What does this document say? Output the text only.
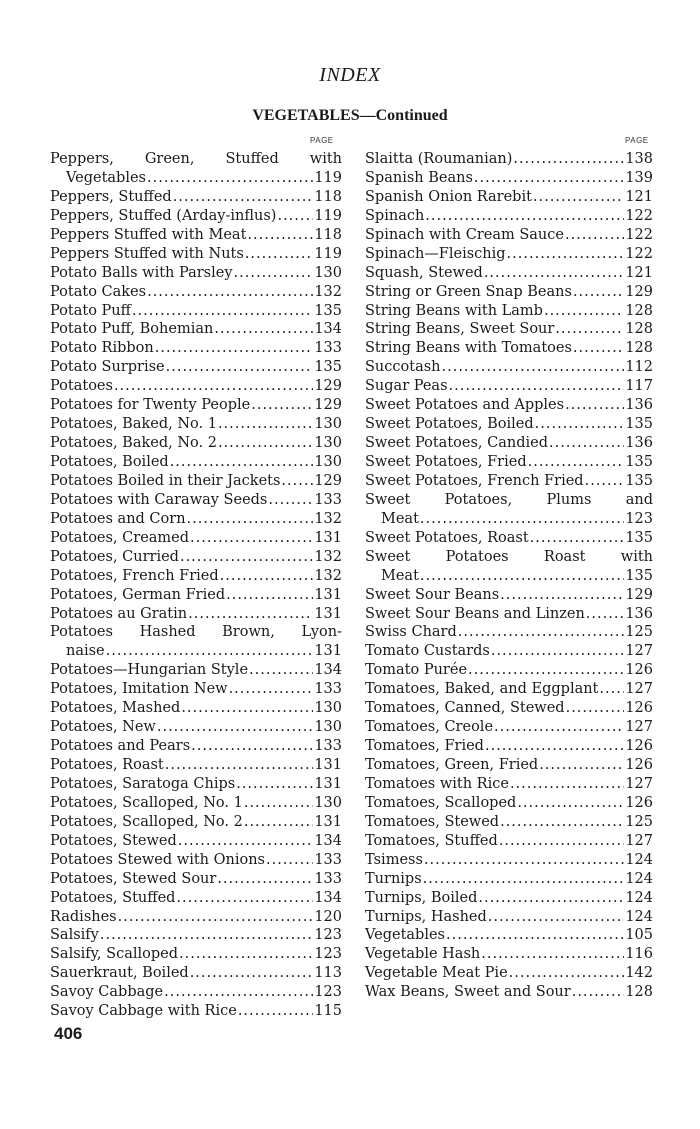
INDEX
VEGETABLES—Continued
PAGE	PAGE
Peppers, Green, Stuffed with
Vegetables .....	119
Peppers, Stuffed .....	118
Peppers, Stuffed (Arday-influs) .....	119
Peppers Stuffed with Meat .....	118
Peppers Stuffed with Nuts .....	119
Potato Balls with Parsley .....	130
Potato Cakes .....	132
Potato Puff .....	135
Potato Puff, Bohemian .....	134
Potato Ribbon .....	133
Potato Surprise .....	135
Potatoes .....	129
Potatoes for Twenty People .....	129
Potatoes, Baked, No. 1 .....	130
Potatoes, Baked, No. 2 .....	130
Potatoes, Boiled .....	130
Potatoes Boiled in their Jackets ..... 129
Potatoes with Caraway Seeds .....	133
Potatoes and Corn .....	132
Potatoes, Creamed .....	131
Potatoes, Curried .....	132
Potatoes, French Fried .....	132
Potatoes, German Fried .....	131
Potatoes au Gratin .....	131
Potatoes Hashed Brown, Lyon-
naise .....	131
Potatoes—Hungarian Style .....	134
Potatoes, Imitation New .....	133
Potatoes, Mashed .....	130
Potatoes, New .....	130
Potatoes and Pears .....	133
Potatoes, Roast .....	131
Potatoes, Saratoga Chips .....	131
Potatoes, Scalloped, No. 1 .....	130
Potatoes, Scalloped, No. 2 .....	131
Potatoes, Stewed .....	134
Potatoes Stewed with Onions .....	133
Potatoes, Stewed Sour .....	133
Potatoes, Stuffed .....	134
Radishes .....	120
Salsify .....	123
Salsify, Scalloped .....	123
Sauerkraut, Boiled .....	113
Savoy Cabbage .....	123
Savoy Cabbage with Rice .....	115
Slaitta (Roumanian) .....	138
Spanish Beans .....	139
Spanish Onion Rarebit .....	121
Spinach .....	122
Spinach with Cream Sauce .....	122
Spinach—Fleischig .....	122
Squash, Stewed .....	121
String or Green Snap Beans .....	129
String Beans with Lamb .....	128
String Beans, Sweet Sour .....	128
String Beans with Tomatoes .....	128
Succotash .....	112
Sugar Peas .....	117
Sweet Potatoes and Apples .....	136
Sweet Potatoes, Boiled .....	135
Sweet Potatoes, Candied .....	136
Sweet Potatoes, Fried .....	135
Sweet Potatoes, French Fried .....	135
Sweet Potatoes, Plums and
Meat .....	123
Sweet Potatoes, Roast .....	135
Sweet Potatoes Roast with
Meat .....	135
Sweet Sour Beans .....	129
Sweet Sour Beans and Linzen .....	136
Swiss Chard .....	125
Tomato Custards .....	127
Tomato Purée .....	126
Tomatoes, Baked, and Eggplant ..... 127
Tomatoes, Canned, Stewed .....	126
Tomatoes, Creole .....	127
Tomatoes, Fried .....	126
Tomatoes, Green, Fried .....	126
Tomatoes with Rice .....	127
Tomatoes, Scalloped .....	126
Tomatoes, Stewed .....	125
Tomatoes, Stuffed .....	127
Tsimess .....	124
Turnips .....	124
Turnips, Boiled .....	124
Turnips, Hashed .....	124
Vegetables .....	105
Vegetable Hash .....	116
Vegetable Meat Pie .....	142
Wax Beans, Sweet and Sour .....	128
406
